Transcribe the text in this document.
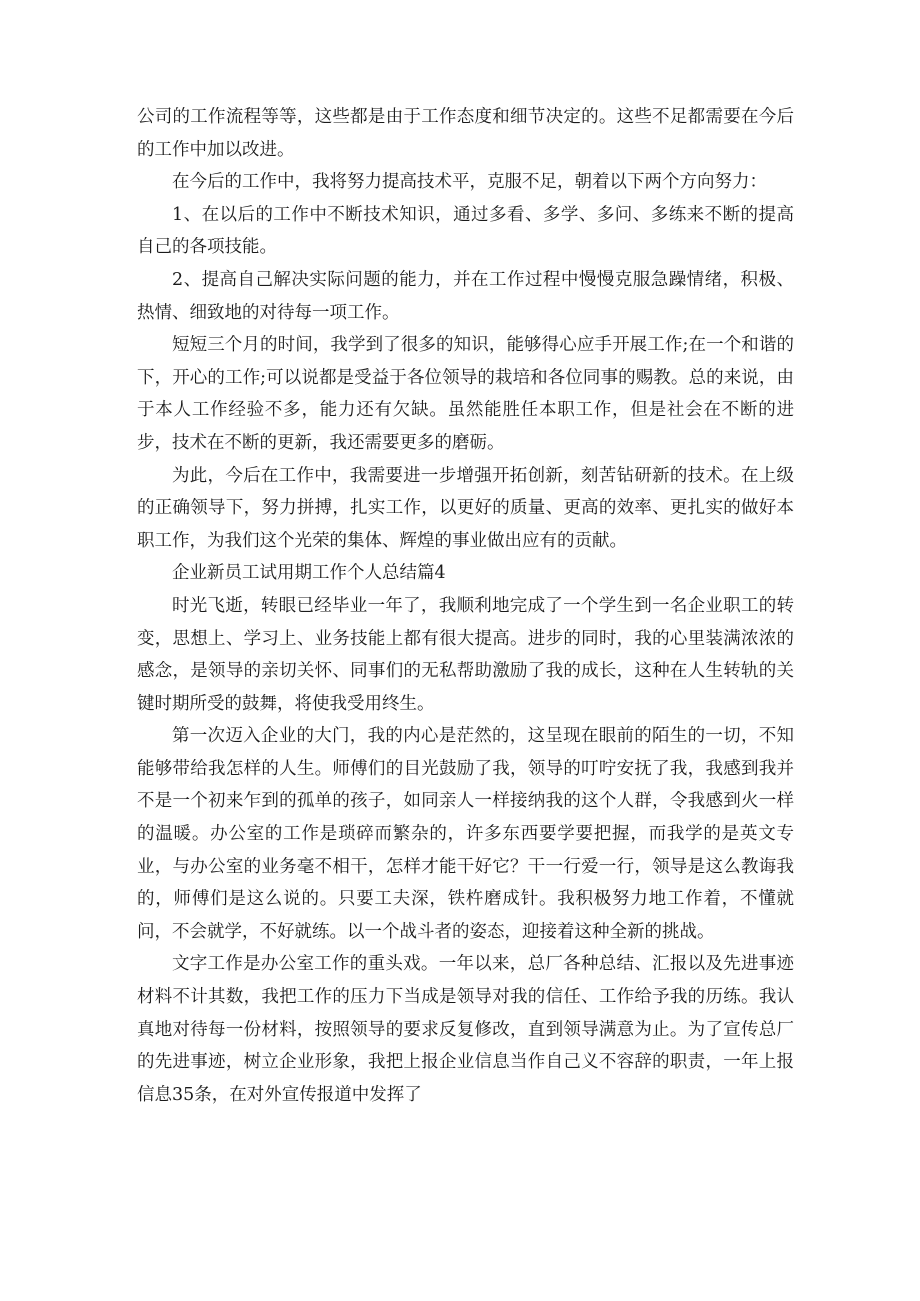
公司的工作流程等等，这些都是由于工作态度和细节决定的。这些不足都需要在今后的工作中加以改进。

在今后的工作中，我将努力提高技术平，克服不足，朝着以下两个方向努力：

1、在以后的工作中不断技术知识，通过多看、多学、多问、多练来不断的提高自己的各项技能。

2、提高自己解决实际问题的能力，并在工作过程中慢慢克服急躁情绪，积极、热情、细致地的对待每一项工作。

短短三个月的时间，我学到了很多的知识，能够得心应手开展工作;在一个和谐的下，开心的工作;可以说都是受益于各位领导的栽培和各位同事的赐教。总的来说，由于本人工作经验不多，能力还有欠缺。虽然能胜任本职工作，但是社会在不断的进步，技术在不断的更新，我还需要更多的磨砺。

为此，今后在工作中，我需要进一步增强开拓创新，刻苦钻研新的技术。在上级的正确领导下，努力拼搏，扎实工作，以更好的质量、更高的效率、更扎实的做好本职工作，为我们这个光荣的集体、辉煌的事业做出应有的贡献。

企业新员工试用期工作个人总结篇4

时光飞逝，转眼已经毕业一年了，我顺利地完成了一个学生到一名企业职工的转变，思想上、学习上、业务技能上都有很大提高。进步的同时，我的心里装满浓浓的感念，是领导的亲切关怀、同事们的无私帮助激励了我的成长，这种在人生转轨的关键时期所受的鼓舞，将使我受用终生。

第一次迈入企业的大门，我的内心是茫然的，这呈现在眼前的陌生的一切，不知能够带给我怎样的人生。师傅们的目光鼓励了我，领导的叮咛安抚了我，我感到我并不是一个初来乍到的孤单的孩子，如同亲人一样接纳我的这个人群，令我感到火一样的温暖。办公室的工作是琐碎而繁杂的，许多东西要学要把握，而我学的是英文专业，与办公室的业务毫不相干，怎样才能干好它？干一行爱一行，领导是这么教诲我的，师傅们是这么说的。只要工夫深，铁杵磨成针。我积极努力地工作着，不懂就问，不会就学，不好就练。以一个战斗者的姿态，迎接着这种全新的挑战。

文字工作是办公室工作的重头戏。一年以来，总厂各种总结、汇报以及先进事迹材料不计其数，我把工作的压力下当成是领导对我的信任、工作给予我的历练。我认真地对待每一份材料，按照领导的要求反复修改，直到领导满意为止。为了宣传总厂的先进事迹，树立企业形象，我把上报企业信息当作自己义不容辞的职责，一年上报信息35条，在对外宣传报道中发挥了
